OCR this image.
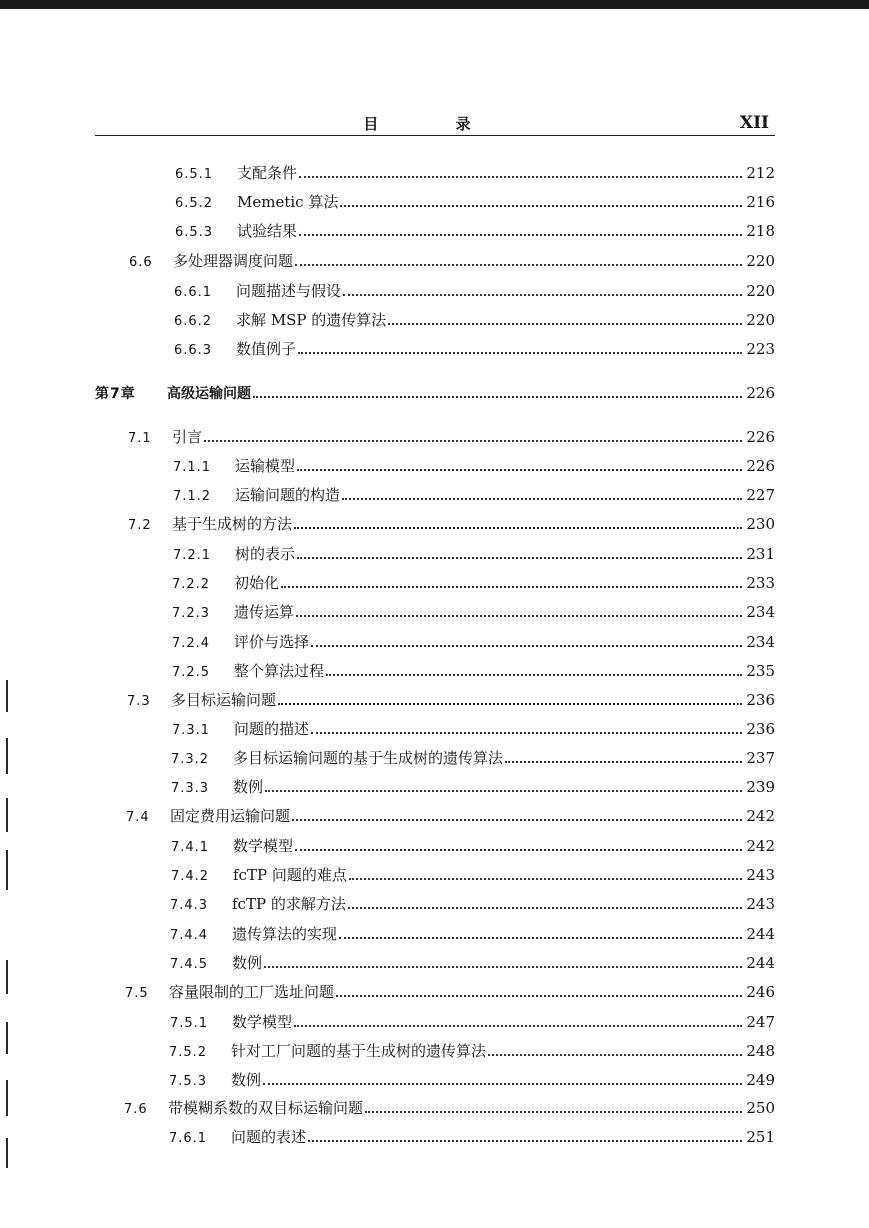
目 录	XII
6.5.1	支配条件	212
6.5.2	Memetic 算法	216
6.5.3	试验结果	218
6.6	多处理器调度问题	220
6.6.1	问题描述与假设	220
6.6.2	求解 MSP 的遗传算法	220
6.6.3	数值例子	223
第7章	高级运输问题	226
7.1	引言	226
7.1.1	运输模型	226
7.1.2	运输问题的构造	227
7.2	基于生成树的方法	230
7.2.1	树的表示	231
7.2.2	初始化	233
7.2.3	遗传运算	234
7.2.4	评价与选择	234
7.2.5	整个算法过程	235
7.3	多目标运输问题	236
7.3.1	问题的描述	236
7.3.2	多目标运输问题的基于生成树的遗传算法	237
7.3.3	数例	239
7.4	固定费用运输问题	242
7.4.1	数学模型	242
7.4.2	fcTP 问题的难点	243
7.4.3	fcTP 的求解方法	243
7.4.4	遗传算法的实现	244
7.4.5	数例	244
7.5	容量限制的工厂选址问题	246
7.5.1	数学模型	247
7.5.2	针对工厂问题的基于生成树的遗传算法	248
7.5.3	数例	249
7.6	带模糊系数的双目标运输问题	250
7.6.1	问题的表述	251
